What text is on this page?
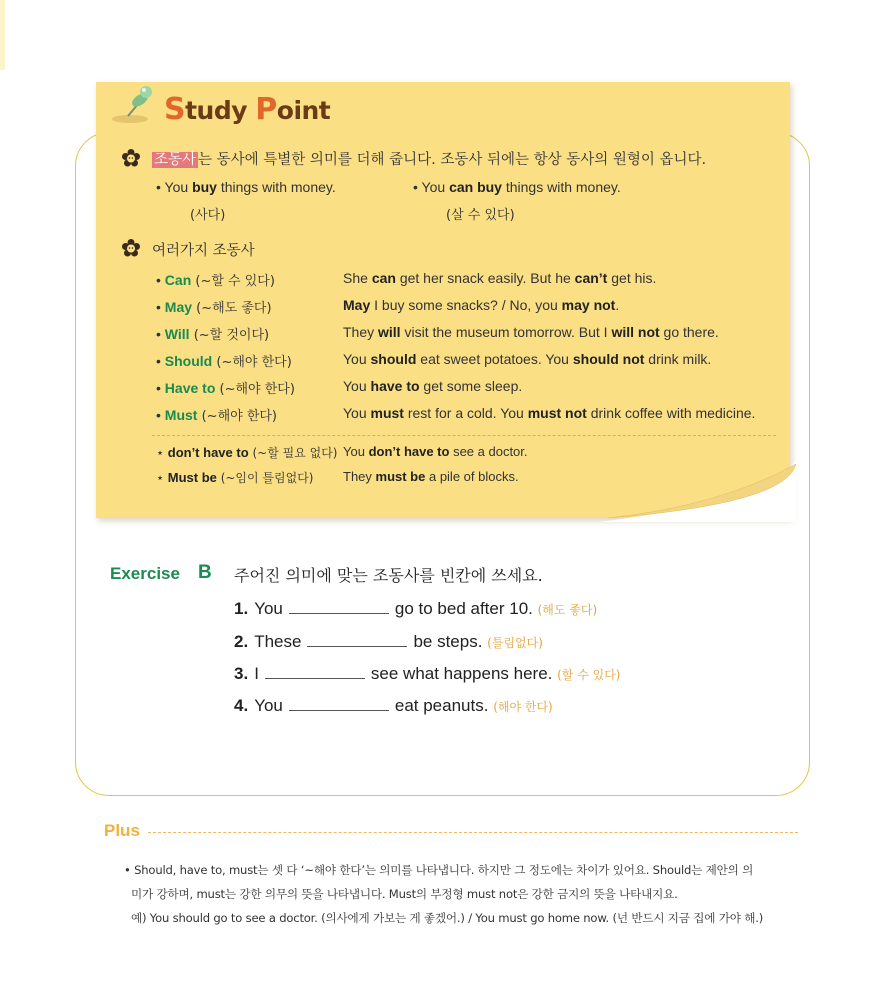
Study Point
조동사 는 동사에 특별한 의미를 더해 줍니다. 조동사 뒤에는 항상 동사의 원형이 옵니다.
• You buy things with money.
(사다)
• You can buy things with money.
(살 수 있다)
여러가지 조동사
• Can (~할 수 있다)	She can get her snack easily. But he can’t get his.
• May (~해도 좋다)	May I buy some snacks? / No, you may not.
• Will (~할 것이다)	They will visit the museum tomorrow. But I will not go there.
• Should (~해야 한다)	You should eat sweet potatoes. You should not drink milk.
• Have to (~해야 한다)	You have to get some sleep.
• Must (~해야 한다)	You must rest for a cold. You must not drink coffee with medicine.
⋆ don’t have to (~할 필요 없다) You don’t have to see a doctor.
⋆ Must be (~임이 틀림없다) They must be a pile of blocks.
Exercise B 주어진 의미에 맞는 조동사를 빈칸에 쓰세요.
1. You	go to bed after 10. (해도 좋다)
2. These	be steps. (틀림없다)
3. I	see what happens here. (할 수 있다)
4. You	eat peanuts. (해야 한다)
Plus
• Should, have to, must는 셋 다 ‘~해야 한다’는 의미를 나타냅니다. 하지만 그 정도에는 차이가 있어요. Should는 제안의 의
미가 강하며, must는 강한 의무의 뜻을 나타냅니다. Must의 부정형 must not은 강한 금지의 뜻을 나타내지요.
예) You should go to see a doctor. (의사에게 가보는 게 좋겠어.) / You must go home now. (넌 반드시 지금 집에 가야 해.)
